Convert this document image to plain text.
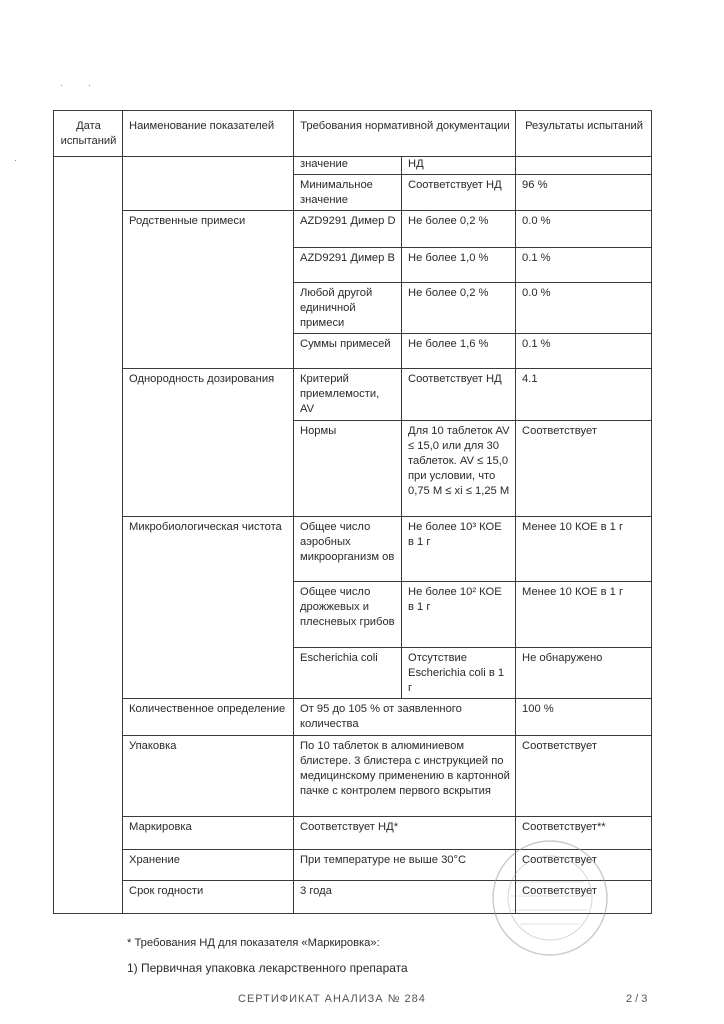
·	·
·
Дата испытаний	Наименование показателей	Требования нормативной документации		Результаты испытаний
		значение	НД	
		Минимальное значение	Соответствует НД	96 %
	Родственные примеси	AZD9291 Димер D	Не более 0,2 %	0.0 %
		AZD9291 Димер B	Не более 1,0 %	0.1 %
		Любой другой единичной примеси	Не более 0,2 %	0.0 %
		Суммы примесей	Не более 1,6 %	0.1 %
	Однородность дозирования	Критерий приемлемости, AV	Соответствует НД	4.1
		Нормы	Для 10 таблеток AV ≤ 15,0 или для 30 таблеток. AV ≤ 15,0 при условии, что 0,75 M ≤ xi ≤ 1,25 M	Соответствует
	Микробиологическая чистота	Общее число аэробных микроорганизм ов	Не более 10³ КОЕ в 1 г	Менее 10 КОЕ в 1 г
		Общее число дрожжевых и плесневых грибов	Не более 10² КОЕ в 1 г	Менее 10 КОЕ в 1 г
		Escherichia coli	Отсутствие Escherichia coli в 1 г	Не обнаружено
	Количественное определение	От 95 до 105 % от заявленного количества		100 %
	Упаковка	По 10 таблеток в алюминиевом блистере. 3 блистера с инструкцией по медицинскому применению в картонной пачке с контролем первого вскрытия		Соответствует
	Маркировка	Соответствует НД*		Соответствует**
	Хранение	При температуре не выше 30°C		Соответствует
	Срок годности	3 года		Соответствует
* Требования НД для показателя «Маркировка»:
1) Первичная упаковка лекарственного препарата
СЕРТИФИКАТ АНАЛИЗА № 284	2 / 3
